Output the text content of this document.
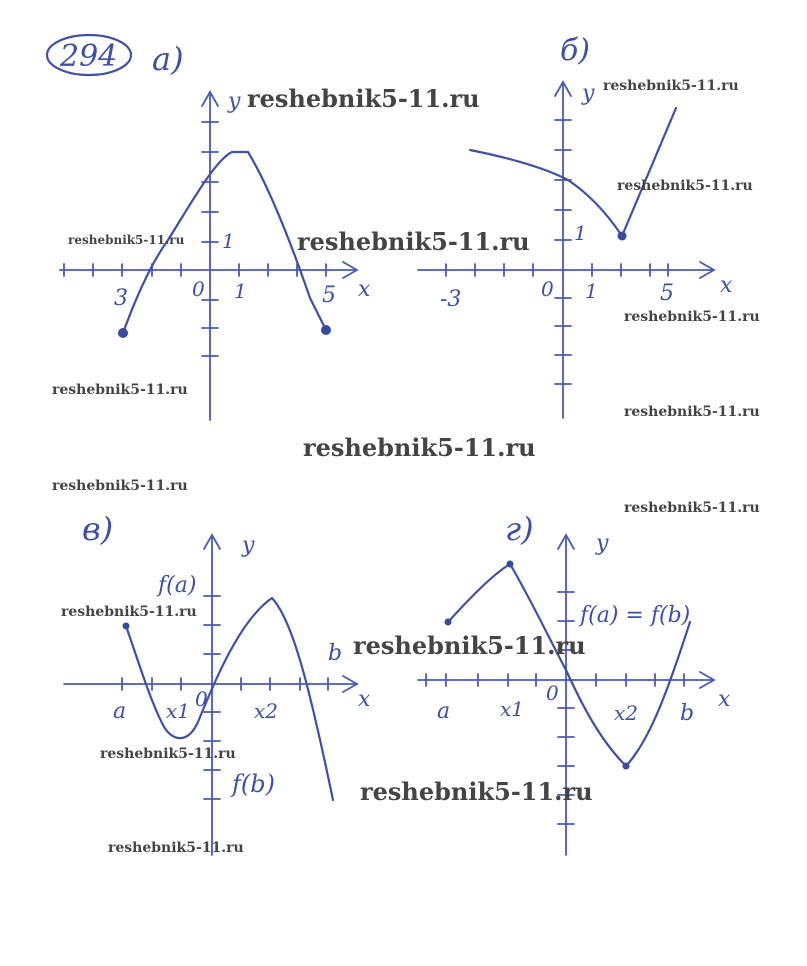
294 а)
y
x
3	0 1	5
1
б)
y
x
-3	0 1	5
1
в)	y
x
f(a)
f(b)
a x1 0 x2
b
г)	y
x
f(a) = f(b)
a x1
0
x2 b
reshebnik5-11.ru	reshebnik5-11.ru
reshebnik5-11.ru
reshebnik5-11.ru	reshebnik5-11.ru
reshebnik5-11.ru
reshebnik5-11.ru
reshebnik5-11.ru
reshebnik5-11.ru
reshebnik5-11.ru
reshebnik5-11.ru
reshebnik5-11.ru
reshebnik5-11.ru
reshebnik5-11.ru
reshebnik5-11.ru
reshebnik5-11.ru
